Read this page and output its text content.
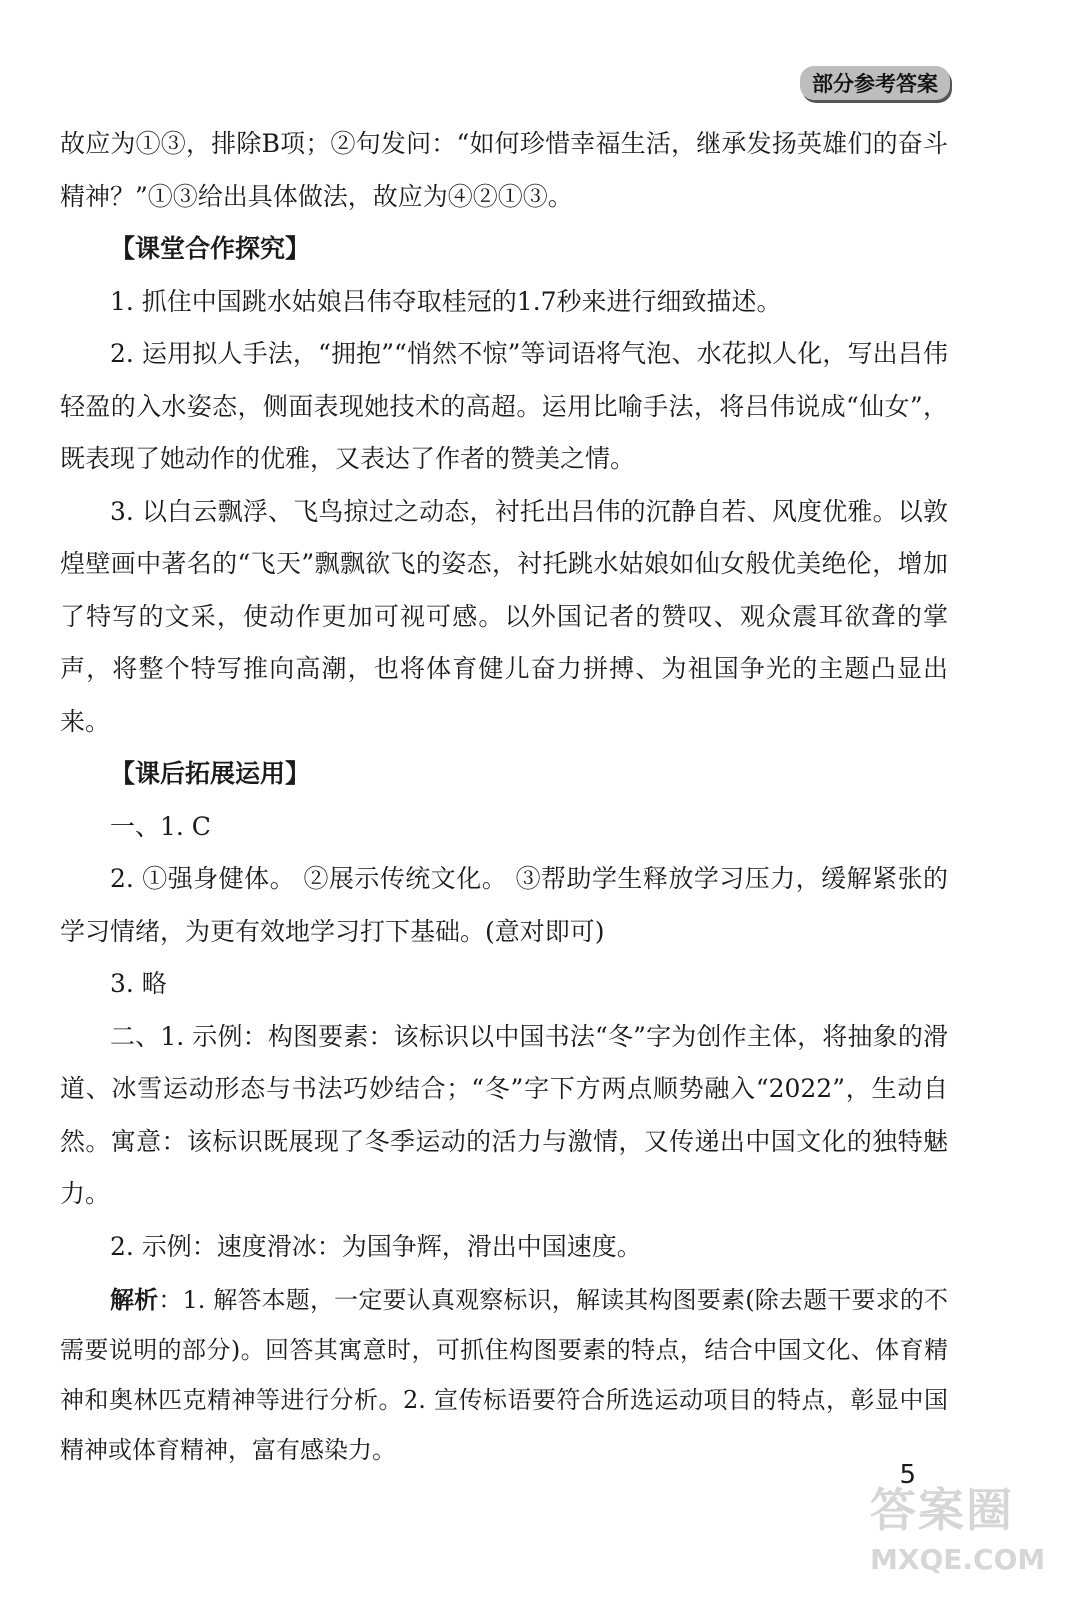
部分参考答案

故应为①③，排除B项；②句发问：“如何珍惜幸福生活，继承发扬英雄们的奋斗精神？”①③给出具体做法，故应为④②①③。

【课堂合作探究】

1. 抓住中国跳水姑娘吕伟夺取桂冠的1.7秒来进行细致描述。

2. 运用拟人手法，“拥抱”“悄然不惊”等词语将气泡、水花拟人化，写出吕伟轻盈的入水姿态，侧面表现她技术的高超。运用比喻手法，将吕伟说成“仙女”，既表现了她动作的优雅，又表达了作者的赞美之情。

3. 以白云飘浮、飞鸟掠过之动态，衬托出吕伟的沉静自若、风度优雅。以敦煌壁画中著名的“飞天”飘飘欲飞的姿态，衬托跳水姑娘如仙女般优美绝伦，增加了特写的文采，使动作更加可视可感。以外国记者的赞叹、观众震耳欲聋的掌声，将整个特写推向高潮，也将体育健儿奋力拼搏、为祖国争光的主题凸显出来。

【课后拓展运用】

一、1. C

2. ①强身健体。 ②展示传统文化。 ③帮助学生释放学习压力，缓解紧张的学习情绪，为更有效地学习打下基础。(意对即可)

3. 略

二、1. 示例：构图要素：该标识以中国书法“冬”字为创作主体，将抽象的滑道、冰雪运动形态与书法巧妙结合；“冬”字下方两点顺势融入“2022”，生动自然。寓意：该标识既展现了冬季运动的活力与激情，又传递出中国文化的独特魅力。

2. 示例：速度滑冰：为国争辉，滑出中国速度。

解析：1. 解答本题，一定要认真观察标识，解读其构图要素(除去题干要求的不需要说明的部分)。回答其寓意时，可抓住构图要素的特点，结合中国文化、体育精神和奥林匹克精神等进行分析。2. 宣传标语要符合所选运动项目的特点，彰显中国精神或体育精神，富有感染力。

5
答案圈
MXQE.COM
